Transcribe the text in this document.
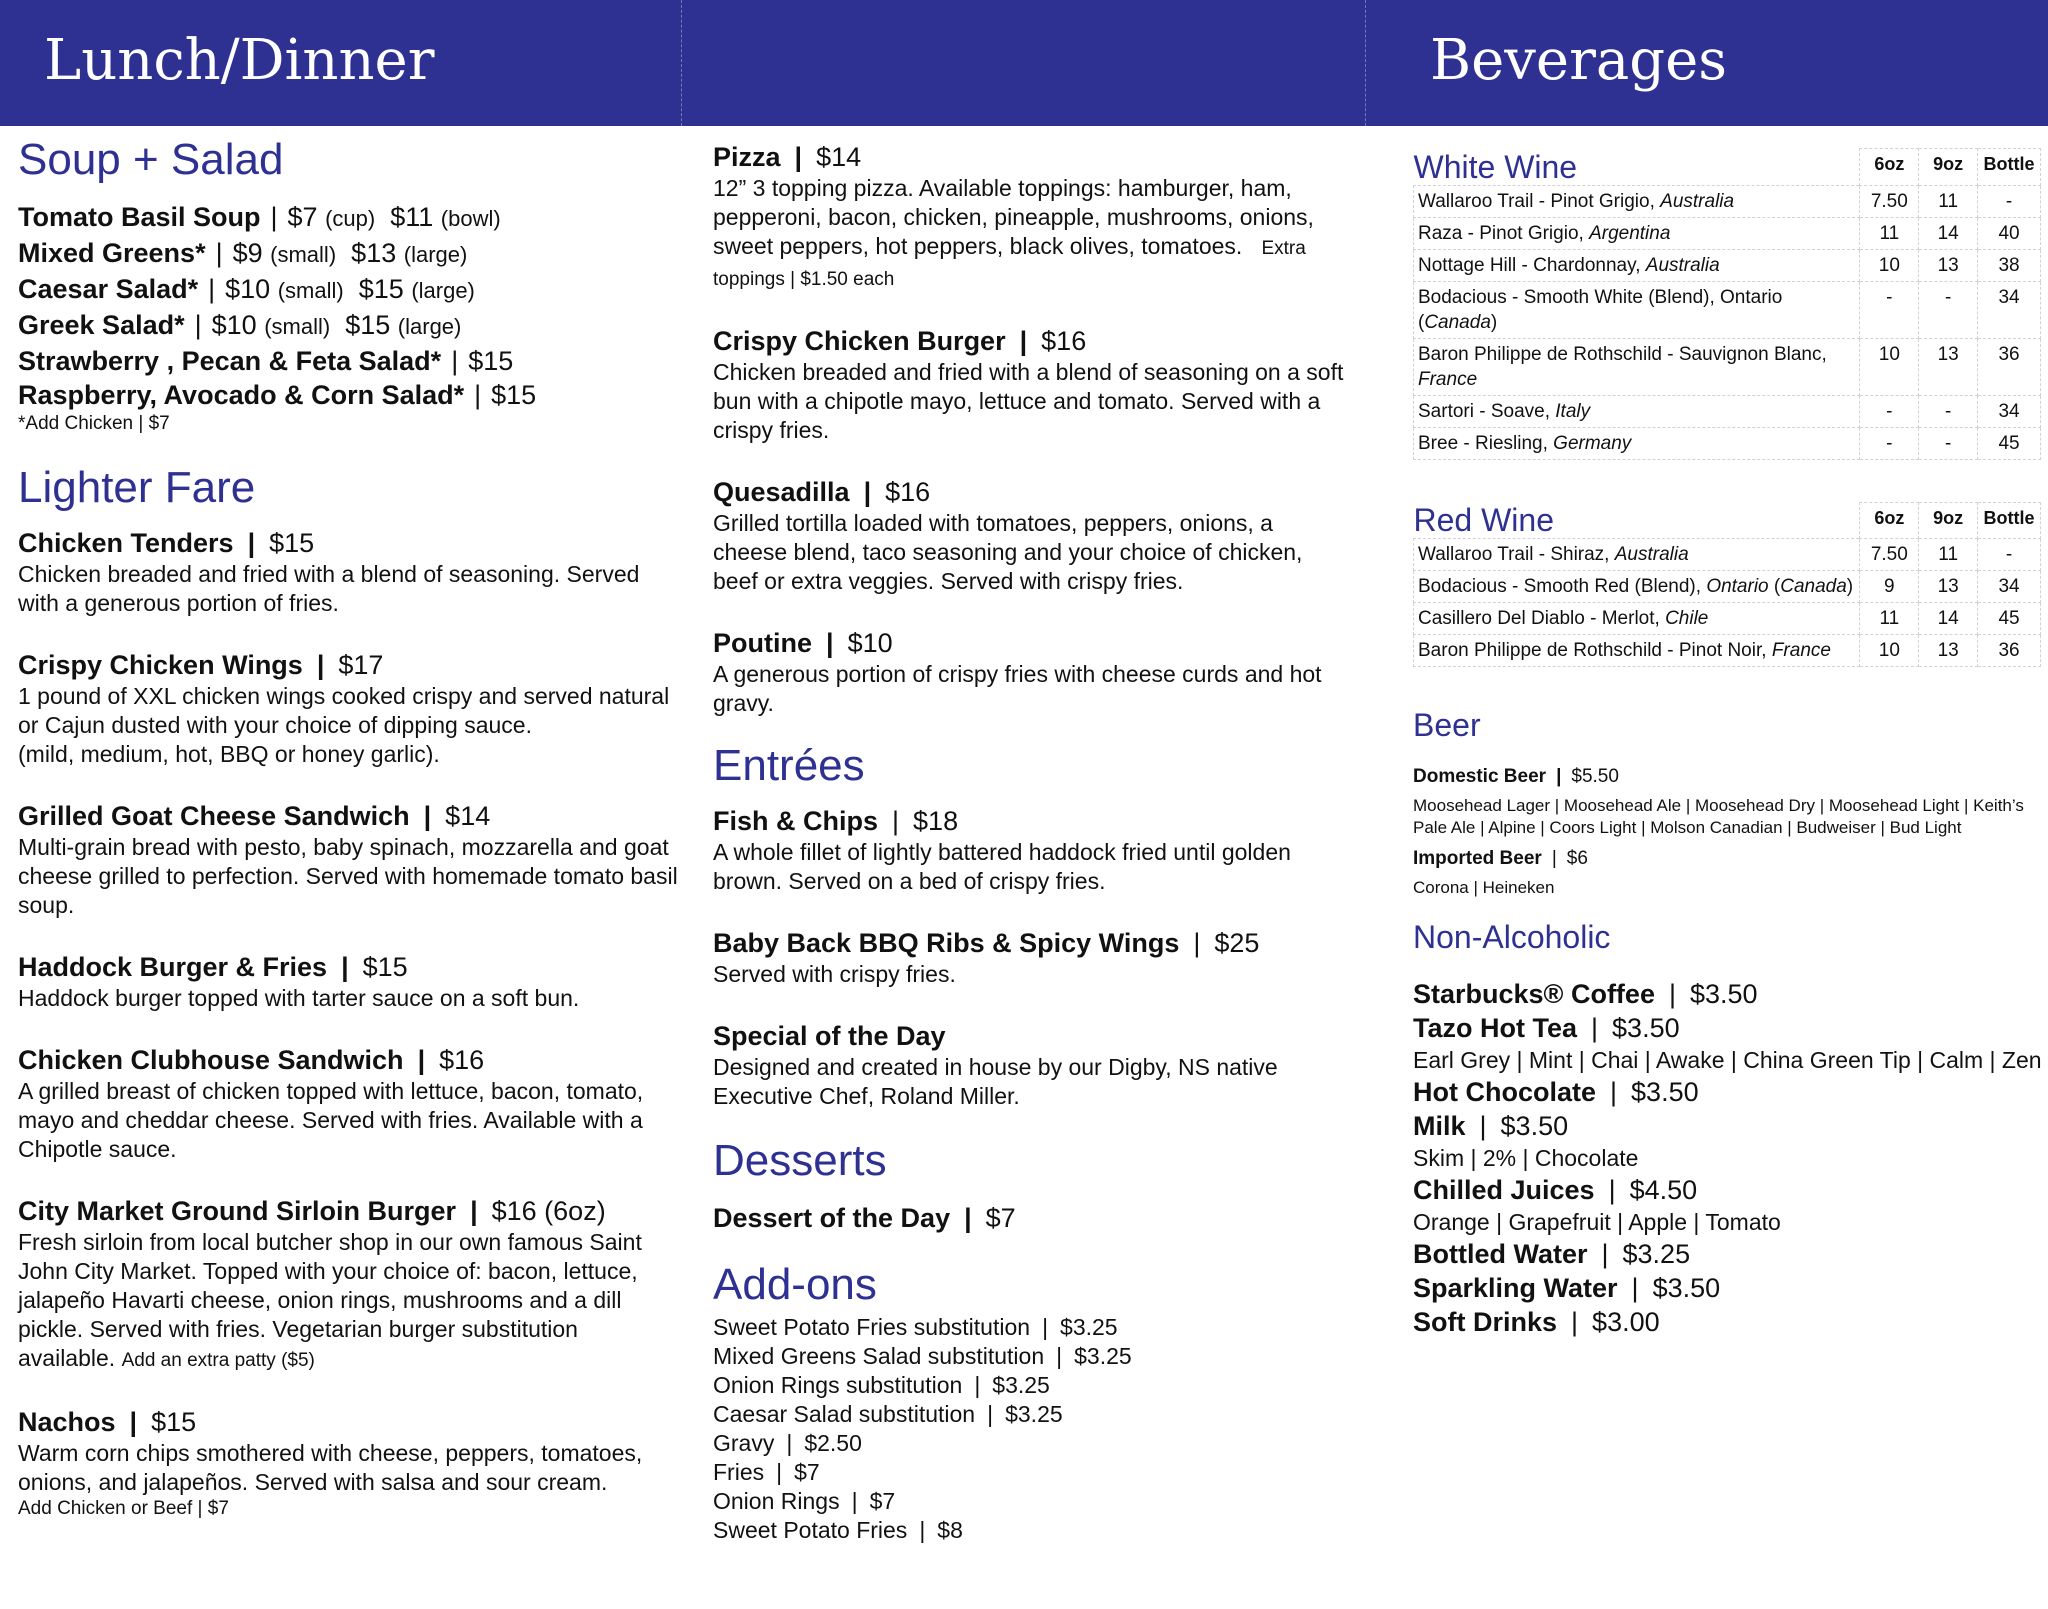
Lunch/Dinner	Beverages
Soup + Salad
Tomato Basil Soup | $7 (cup) $11 (bowl)
Mixed Greens* | $9 (small) $13 (large)
Caesar Salad* | $10 (small) $15 (large)
Greek Salad* | $10 (small) $15 (large)
Strawberry , Pecan & Feta Salad* | $15
Raspberry, Avocado & Corn Salad* | $15
*Add Chicken | $7
Lighter Fare
Chicken Tenders | $15
Chicken breaded and fried with a blend of seasoning. Served with a generous portion of fries.
Crispy Chicken Wings | $17
1 pound of XXL chicken wings cooked crispy and served natural or Cajun dusted with your choice of dipping sauce.
(mild, medium, hot, BBQ or honey garlic).
Grilled Goat Cheese Sandwich | $14
Multi-grain bread with pesto, baby spinach, mozzarella and goat cheese grilled to perfection. Served with homemade tomato basil soup.
Haddock Burger & Fries | $15
Haddock burger topped with tarter sauce on a soft bun.
Chicken Clubhouse Sandwich | $16
A grilled breast of chicken topped with lettuce, bacon, tomato, mayo and cheddar cheese. Served with fries. Available with a Chipotle sauce.
City Market Ground Sirloin Burger | $16 (6oz)
Fresh sirloin from local butcher shop in our own famous Saint John City Market. Topped with your choice of: bacon, lettuce, jalapeño Havarti cheese, onion rings, mushrooms and a dill pickle. Served with fries. Vegetarian burger substitution available. Add an extra patty ($5)
Nachos | $15
Warm corn chips smothered with cheese, peppers, tomatoes, onions, and jalapeños. Served with salsa and sour cream.
Add Chicken or Beef | $7
Pizza | $14
12” 3 topping pizza. Available toppings: hamburger, ham, pepperoni, bacon, chicken, pineapple, mushrooms, onions, sweet peppers, hot peppers, black olives, tomatoes. Extra toppings | $1.50 each
Crispy Chicken Burger | $16
Chicken breaded and fried with a blend of seasoning on a soft bun with a chipotle mayo, lettuce and tomato. Served with a crispy fries.
Quesadilla | $16
Grilled tortilla loaded with tomatoes, peppers, onions, a cheese blend, taco seasoning and your choice of chicken, beef or extra veggies. Served with crispy fries.
Poutine | $10
A generous portion of crispy fries with cheese curds and hot gravy.
Entrées
Fish & Chips | $18
A whole fillet of lightly battered haddock fried until golden brown. Served on a bed of crispy fries.
Baby Back BBQ Ribs & Spicy Wings | $25
Served with crispy fries.
Special of the Day
Designed and created in house by our Digby, NS native Executive Chef, Roland Miller.
Desserts
Dessert of the Day | $7
Add-ons
Sweet Potato Fries substitution | $3.25
Mixed Greens Salad substitution | $3.25
Onion Rings substitution | $3.25
Caesar Salad substitution | $3.25
Gravy | $2.50
Fries | $7
Onion Rings | $7
Sweet Potato Fries | $8
White Wine	6oz	9oz	Bottle
Wallaroo Trail - Pinot Grigio, Australia	7.50	11	-
Raza - Pinot Grigio, Argentina	11	14	40
Nottage Hill - Chardonnay, Australia	10	13	38
Bodacious - Smooth White (Blend), Ontario (Canada)	-	-	34
Baron Philippe de Rothschild - Sauvignon Blanc, France	10	13	36
Sartori - Soave, Italy	-	-	34
Bree - Riesling, Germany	-	-	45
Red Wine	6oz	9oz	Bottle
Wallaroo Trail - Shiraz, Australia	7.50	11	-
Bodacious - Smooth Red (Blend), Ontario (Canada)	9	13	34
Casillero Del Diablo - Merlot, Chile	11	14	45
Baron Philippe de Rothschild - Pinot Noir, France	10	13	36
Beer
Domestic Beer | $5.50
Moosehead Lager | Moosehead Ale | Moosehead Dry | Moosehead Light | Keith’s Pale Ale | Alpine | Coors Light | Molson Canadian | Budweiser | Bud Light
Imported Beer | $6
Corona | Heineken
Non-Alcoholic
Starbucks® Coffee | $3.50
Tazo Hot Tea | $3.50
Earl Grey | Mint | Chai | Awake | China Green Tip | Calm | Zen
Hot Chocolate | $3.50
Milk | $3.50
Skim | 2% | Chocolate
Chilled Juices | $4.50
Orange | Grapefruit | Apple | Tomato
Bottled Water | $3.25
Sparkling Water | $3.50
Soft Drinks | $3.00
